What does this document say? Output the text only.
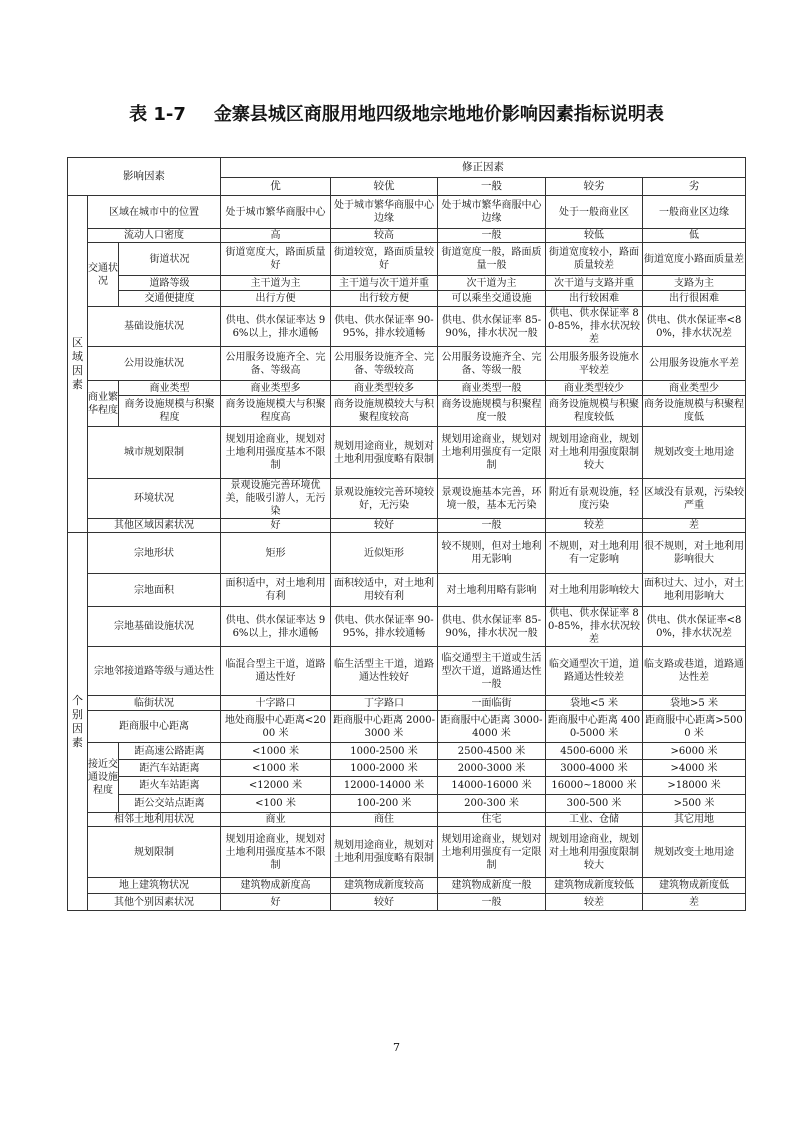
表 1-7 金寨县城区商服用地四级地宗地地价影响因素指标说明表
影响因素			修正因素				
			优	较优	一般	较劣	劣
区域因素	区域在城市中的位置		处于城市繁华商服中心	处于城市繁华商服中心边缘	处于城市繁华商服中心边缘	处于一般商业区	一般商业区边缘
	流动人口密度		高	较高	一般	较低	低
	交通状况	街道状况	街道宽度大，路面质量好	街道较宽，路面质量较好	街道宽度一般，路面质量一般	街道宽度较小，路面质量较差	街道宽度小路面质量差
		道路等级	主干道为主	主干道与次干道并重	次干道为主	次干道与支路并重	支路为主
		交通便捷度	出行方便	出行较方便	可以乘坐交通设施	出行较困难	出行很困难
	基础设施状况		供电、供水保证率达 96%以上，排水通畅	供电、供水保证率 90-95%，排水较通畅	供电、供水保证率 85-90%，排水状况一般	供电、供水保证率 80-85%，排水状况较差	供电、供水保证率<80%，排水状况差
	公用设施状况		公用服务设施齐全、完备、等级高	公用服务设施齐全、完备、等级较高	公用服务设施齐全、完备、等级一般	公用服务服务设施水平较差	公用服务设施水平差
	商业繁华程度	商业类型	商业类型多	商业类型较多	商业类型一般	商业类型较少	商业类型少
		商务设施规模与积聚程度	商务设施规模大与积聚程度高	商务设施规模较大与积聚程度较高	商务设施规模与积聚程度一般	商务设施规模与积聚程度较低	商务设施规模与积聚程度低
	城市规划限制		规划用途商业，规划对土地利用强度基本不限制	规划用途商业，规划对土地利用强度略有限制	规划用途商业，规划对土地利用强度有一定限制	规划用途商业，规划对土地利用强度限制较大	规划改变土地用途
	环境状况		景观设施完善环境优美，能吸引游人，无污染	景观设施较完善环境较好，无污染	景观设施基本完善，环境一般，基本无污染	附近有景观设施，轻度污染	区域没有景观，污染较严重
	其他区域因素状况		好	较好	一般	较差	差
个别因素	宗地形状		矩形	近似矩形	较不规则，但对土地利用无影响	不规则，对土地利用有一定影响	很不规则，对土地利用影响很大
	宗地面积		面积适中，对土地利用有利	面积较适中，对土地利用较有利	对土地利用略有影响	对土地利用影响较大	面积过大、过小，对土地利用影响大
	宗地基础设施状况		供电、供水保证率达 96%以上，排水通畅	供电、供水保证率 90-95%，排水较通畅	供电、供水保证率 85-90%，排水状况一般	供电、供水保证率 80-85%，排水状况较差	供电、供水保证率<80%，排水状况差
	宗地邻接道路等级与通达性		临混合型主干道，道路通达性好	临生活型主干道，道路通达性较好	临交通型主干道或生活型次干道，道路通达性一般	临交通型次干道，道路通达性较差	临支路或巷道，道路通达性差
	临街状况		十字路口	丁字路口	一面临街	袋地<5 米	袋地>5 米
	距商服中心距离		地处商服中心距离<2000 米	距商服中心距离 2000-3000 米	距商服中心距离 3000-4000 米	距商服中心距离 4000-5000 米	距商服中心距离>5000 米
	接近交通设施程度	距高速公路距离	<1000 米	1000-2500 米	2500-4500 米	4500-6000 米	>6000 米
		距汽车站距离	<1000 米	1000-2000 米	2000-3000 米	3000-4000 米	>4000 米
		距火车站距离	<12000 米	12000-14000 米	14000-16000 米	16000~18000 米	>18000 米
		距公交站点距离	<100 米	100-200 米	200-300 米	300-500 米	>500 米
	相邻土地利用状况		商业	商住	住宅	工业、仓储	其它用地
	规划限制		规划用途商业，规划对土地利用强度基本不限制	规划用途商业，规划对土地利用强度略有限制	规划用途商业，规划对土地利用强度有一定限制	规划用途商业，规划对土地利用强度限制较大	规划改变土地用途
	地上建筑物状况		建筑物成新度高	建筑物成新度较高	建筑物成新度一般	建筑物成新度较低	建筑物成新度低
	其他个别因素状况		好	较好	一般	较差	差
7
